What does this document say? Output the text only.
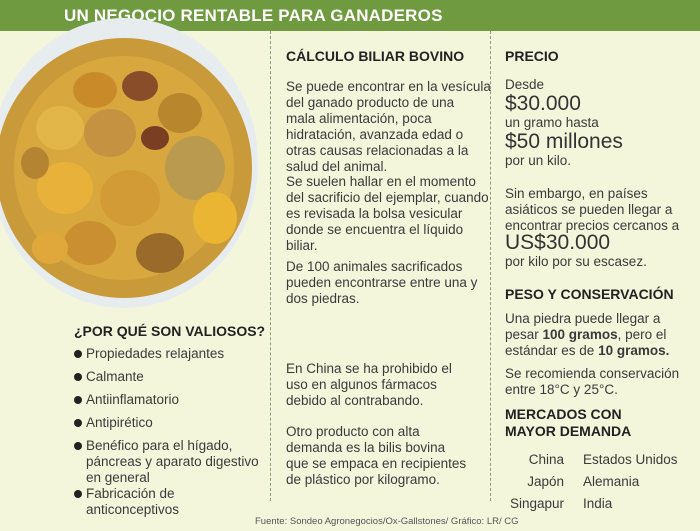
UN NEGOCIO RENTABLE PARA GANADEROS
CÁLCULO BILIAR BOVINO
Se puede encontrar en la vesícula
del ganado producto de una
mala alimentación, poca
hidratación, avanzada edad o
otras causas relacionadas a la
salud del animal.
Se suelen hallar en el momento
del sacrificio del ejemplar, cuando
es revisada la bolsa vesicular
donde se encuentra el líquido
biliar.
De 100 animales sacrificados
pueden encontrarse entre una y
dos piedras.
En China se ha prohibido el
uso en algunos fármacos
debido al contrabando.
Otro producto con alta
demanda es la bilis bovina
que se empaca en recipientes
de plástico por kilogramo.
¿POR QUÉ SON VALIOSOS?
Propiedades relajantes
Calmante
Antiinflamatorio
Antipirético
Benéfico para el hígado,
páncreas y aparato digestivo
en general
Fabricación de
anticonceptivos
PRECIO
Desde
$30.000
un gramo hasta
$50 millones
por un kilo.
Sin embargo, en países
asiáticos se pueden llegar a
encontrar precios cercanos a
US$30.000
por kilo por su escasez.
PESO Y CONSERVACIÓN
Una piedra puede llegar a
pesar 100 gramos, pero el
estándar es de 10 gramos.
Se recomienda conservación
entre 18°C y 25°C.
MERCADOS CON
MAYOR DEMANDA
China
Japón
Singapur
Estados Unidos
Alemania
India
Fuente: Sondeo Agronegocios/Ox-Gallstones/ Gráfico: LR/ CG
